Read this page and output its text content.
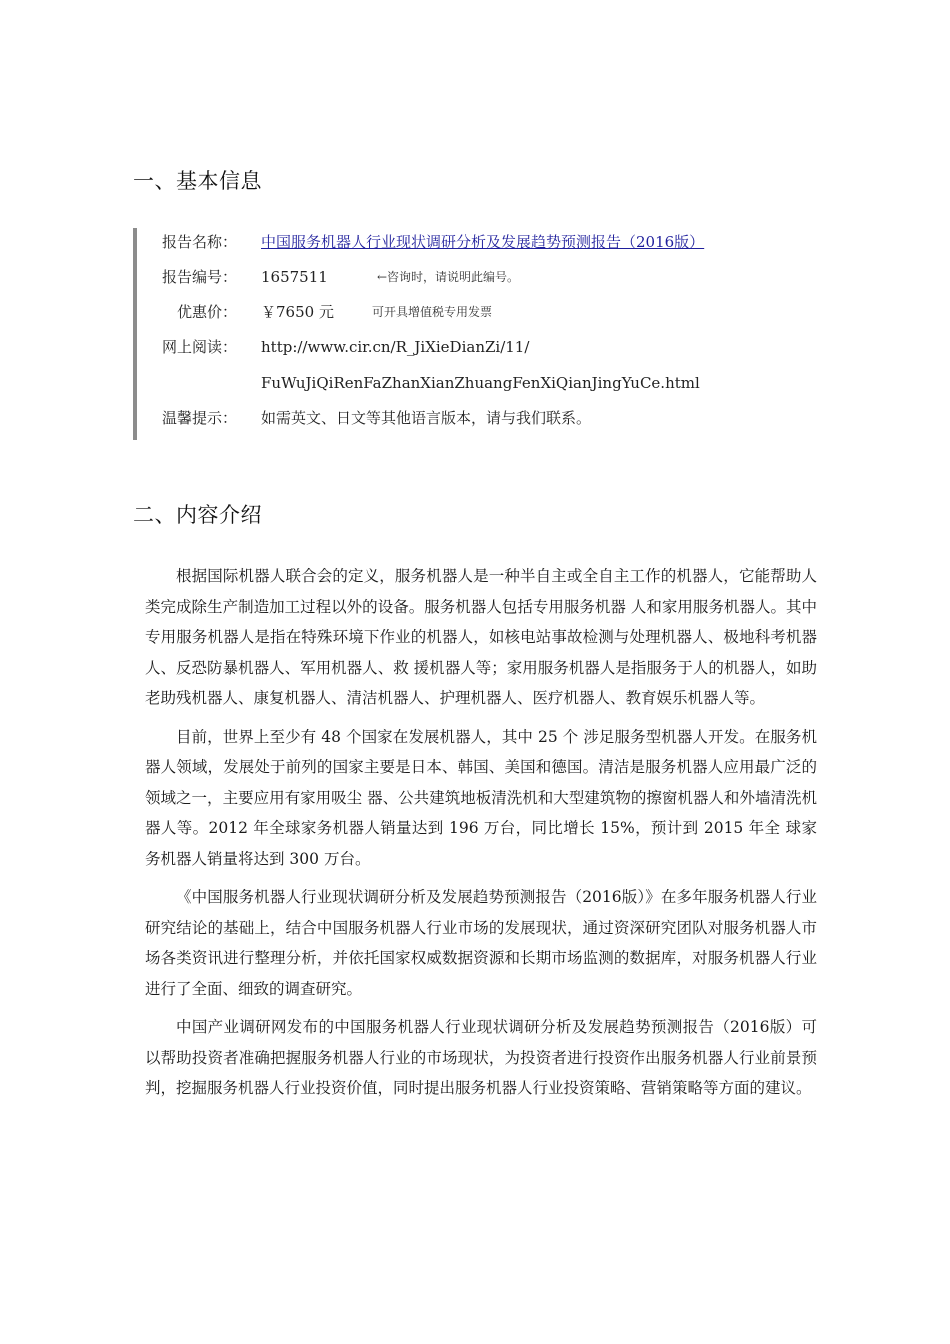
一、基本信息
报告名称： 中国服务机器人行业现状调研分析及发展趋势预测报告（2016版）
报告编号： 1657511	←咨询时，请说明此编号。
优惠价： ￥7650 元	可开具增值税专用发票
网上阅读： http://www.cir.cn/R_JiXieDianZi/11/
FuWuJiQiRenFaZhanXianZhuangFenXiQianJingYuCe.html
温馨提示： 如需英文、日文等其他语言版本，请与我们联系。
二、内容介绍

根据国际机器人联合会的定义，服务机器人是一种半自主或全自主工作的机器人，它能帮助人类完成除生产制造加工过程以外的设备。服务机器人包括专用服务机器 人和家用服务机器人。其中专用服务机器人是指在特殊环境下作业的机器人，如核电站事故检测与处理机器人、极地科考机器人、反恐防暴机器人、军用机器人、救 援机器人等；家用服务机器人是指服务于人的机器人，如助老助残机器人、康复机器人、清洁机器人、护理机器人、医疗机器人、教育娱乐机器人等。

目前，世界上至少有 48 个国家在发展机器人，其中 25 个 涉足服务型机器人开发。在服务机器人领域，发展处于前列的国家主要是日本、韩国、美国和德国。清洁是服务机器人应用最广泛的领域之一，主要应用有家用吸尘 器、公共建筑地板清洗机和大型建筑物的擦窗机器人和外墙清洗机器人等。2012 年全球家务机器人销量达到 196 万台，同比增长 15%，预计到 2015 年全 球家务机器人销量将达到 300 万台。

《中国服务机器人行业现状调研分析及发展趋势预测报告（2016版）》在多年服务机器人行业研究结论的基础上，结合中国服务机器人行业市场的发展现状，通过资深研究团队对服务机器人市场各类资讯进行整理分析，并依托国家权威数据资源和长期市场监测的数据库，对服务机器人行业进行了全面、细致的调查研究。

中国产业调研网发布的中国服务机器人行业现状调研分析及发展趋势预测报告（2016版）可以帮助投资者准确把握服务机器人行业的市场现状，为投资者进行投资作出服务机器人行业前景预判，挖掘服务机器人行业投资价值，同时提出服务机器人行业投资策略、营销策略等方面的建议。
